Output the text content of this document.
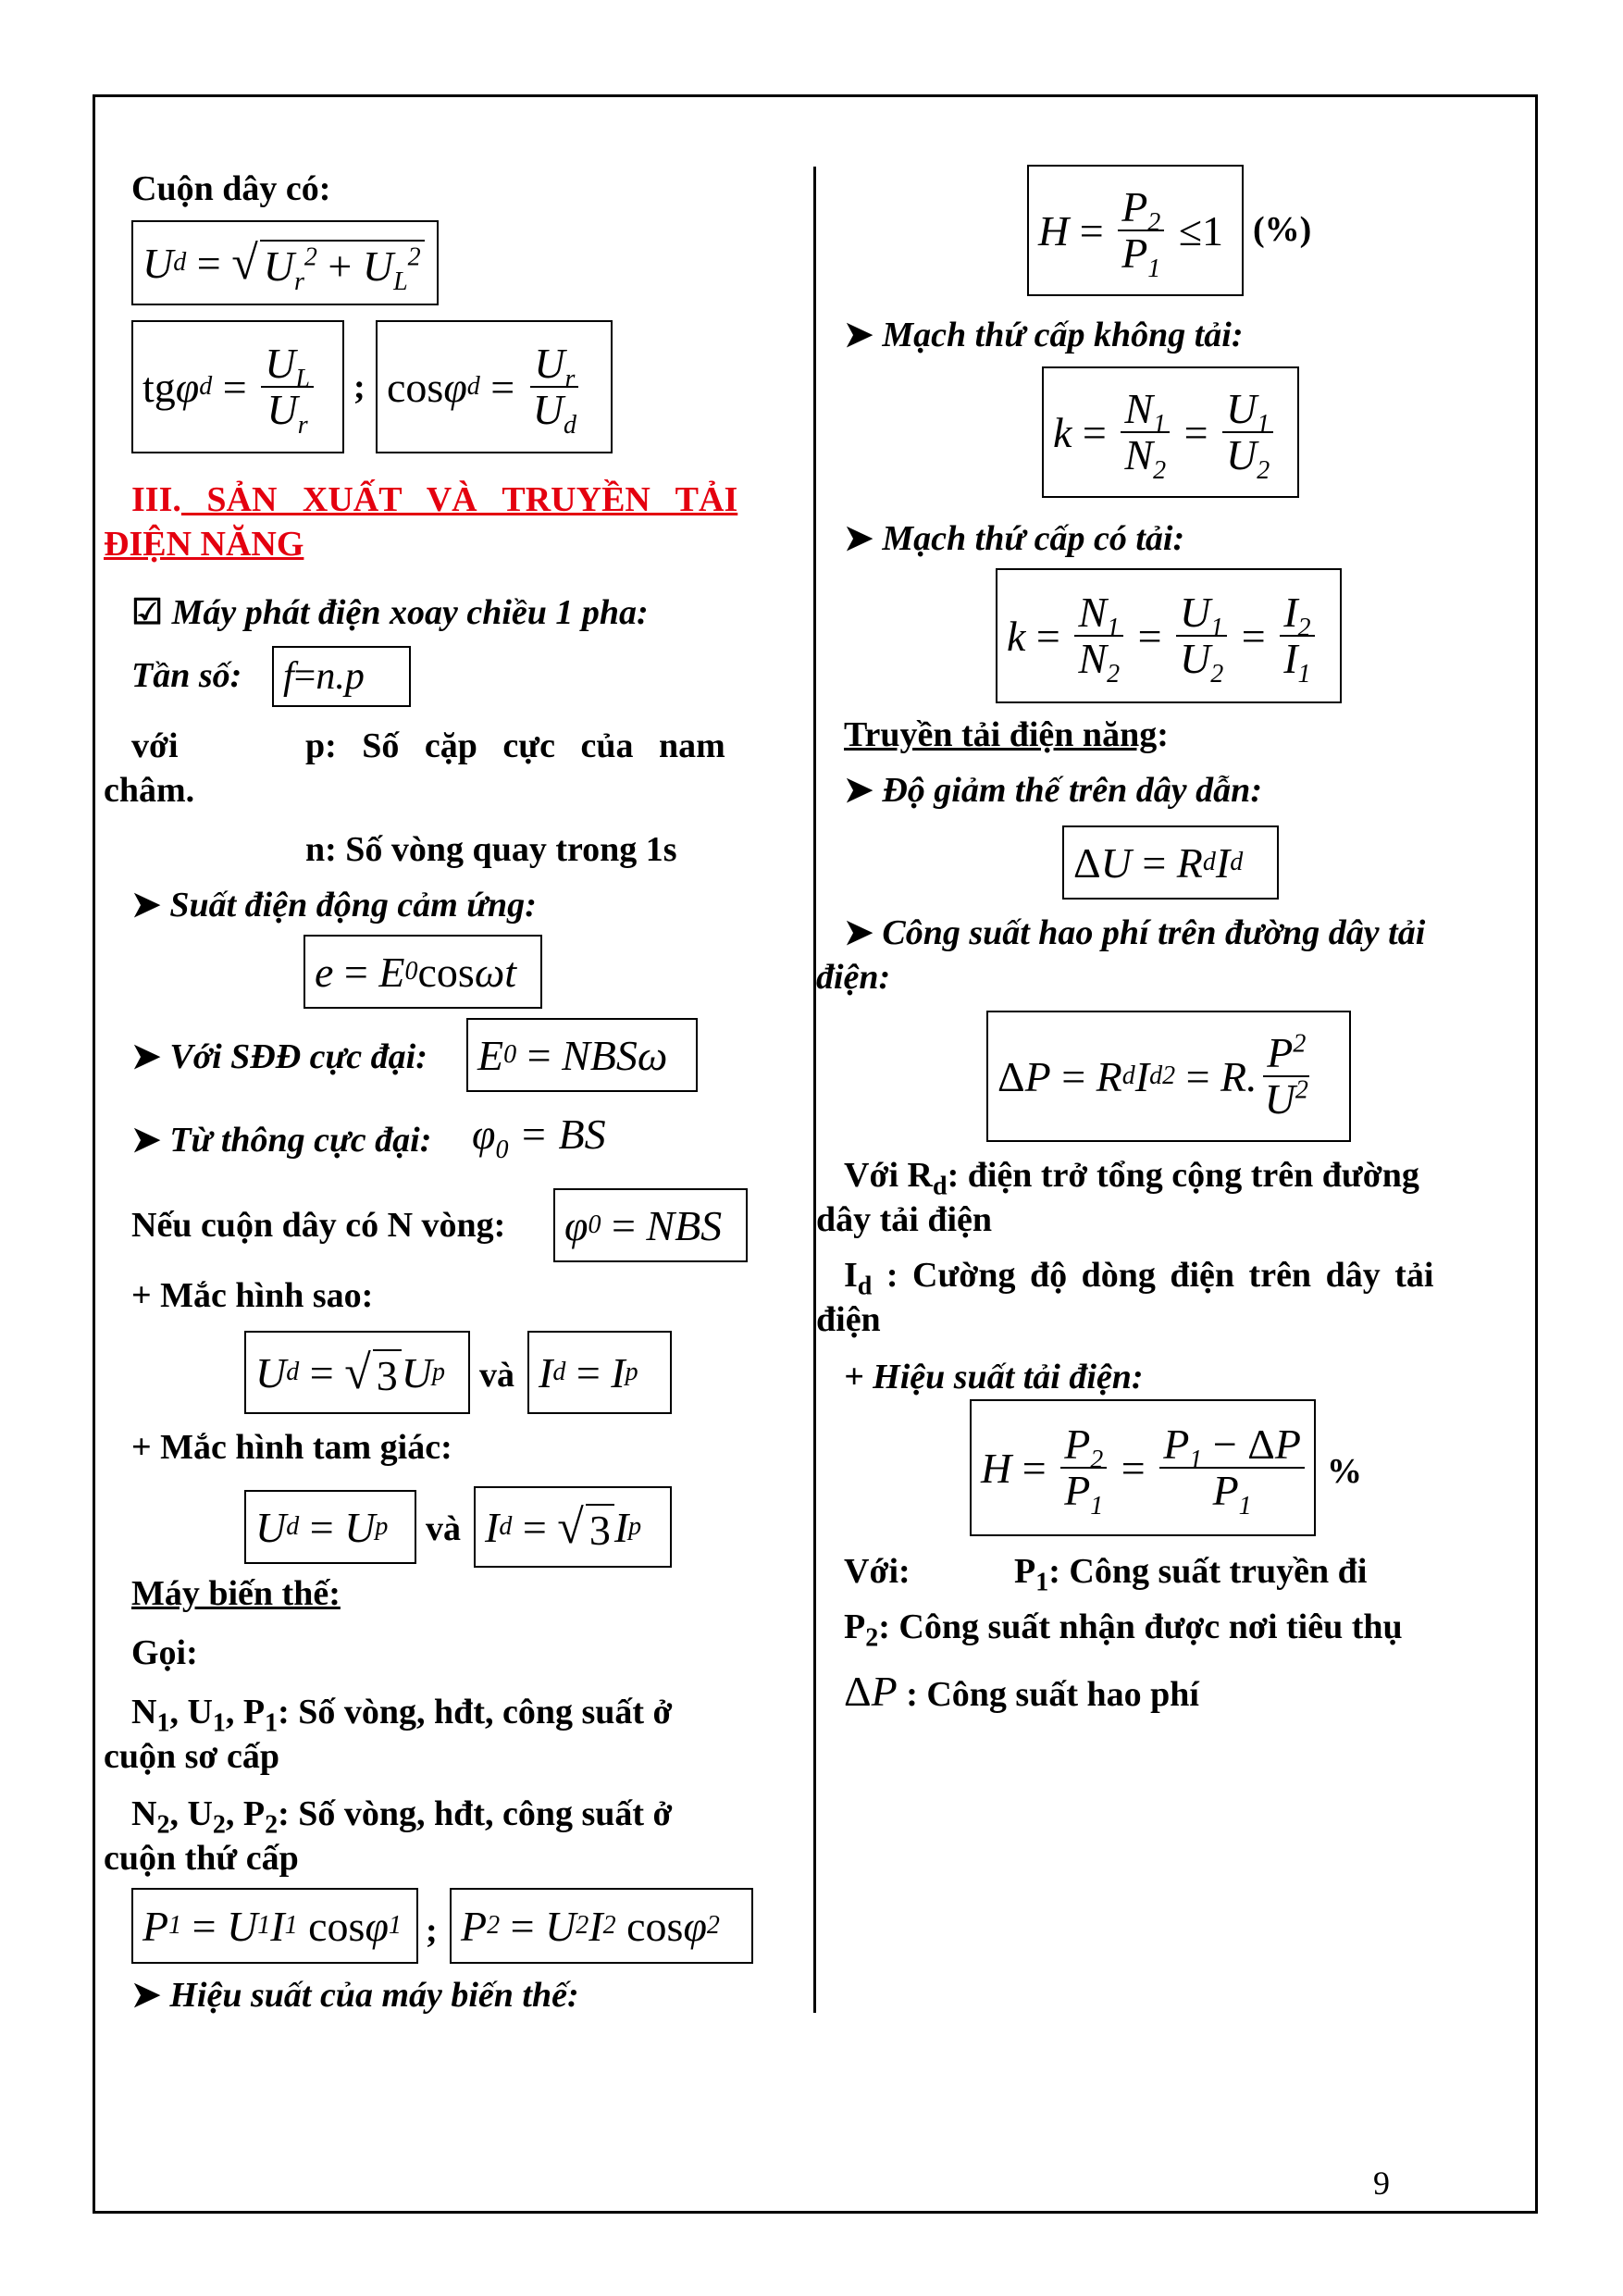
Cuộn dây có:
U d
=
√ $U_r^2 + U_L^2$
tg φ d
=
$\frac{U_L}{U_r}$ ; cos φ d
=
$\frac{U_r}{U_d}$
III. SẢN XUẤT VÀ TRUYỀN TẢI
ĐIỆN NĂNG
☑ Máy phát điện xoay chiều 1 pha:
Tần số: f = n.p
với	p: Số cặp cực của nam
châm.
n: Số vòng quay trong 1s
➤ Suất điện động cảm ứng:
e = E 0 cos ωt
➤ Với SĐĐ cực đại: E 0
= NBSω
➤ Từ thông cực đại: $\varphi_0$ = BS
Nếu cuộn dây có N vòng: φ 0
= NBS
+ Mắc hình sao:
U d
=
√ 3 U p và I d
= I p
+ Mắc hình tam giác:
U d
= U p và I d
=
√ 3 I p
Máy biến thế:
Gọi:
$N_1$, $U_1$, $P_1$: Số vòng, hđt, công suất ở
cuộn sơ cấp
$N_2$, $U_2$, $P_2$: Số vòng, hđt, công suất ở
cuộn thứ cấp
P 1
= U 1 I 1
cos φ 1 ; P 2
= U 2 I 2
cos φ 2
➤ Hiệu suất của máy biến thế:
H =
$\frac{P_2}{P_1}$
≤1 (%)
➤ Mạch thứ cấp không tải:
k =
$\frac{N_1}{N_2}$
=
$\frac{U_1}{U_2}$
➤ Mạch thứ cấp có tải:
k =
$\frac{N_1}{N_2}$
=
$\frac{U_1}{U_2}$
=
$\frac{I_2}{I_1}$
Truyền tải điện năng:
➤ Độ giảm thế trên dây dẫn:
Δ U = R d I d
➤ Công suất hao phí trên đường dây tải
điện:
Δ P = R d I d 2
= R. $\frac{P^2}{U^2}$
Với $R_d$: điện trở tổng cộng trên đường
dây tải điện
$I_d$ : Cường độ dòng điện trên dây tải
điện
+ Hiệu suất tải điện:
H =
$\frac{P_2}{P_1}$
=
$\frac{P_1 - \Delta P}{P_1}$ %
Với:	$P_1$: Công suất truyền đi
$P_2$: Công suất nhận được nơi tiêu thụ
ΔP : Công suất hao phí
9
